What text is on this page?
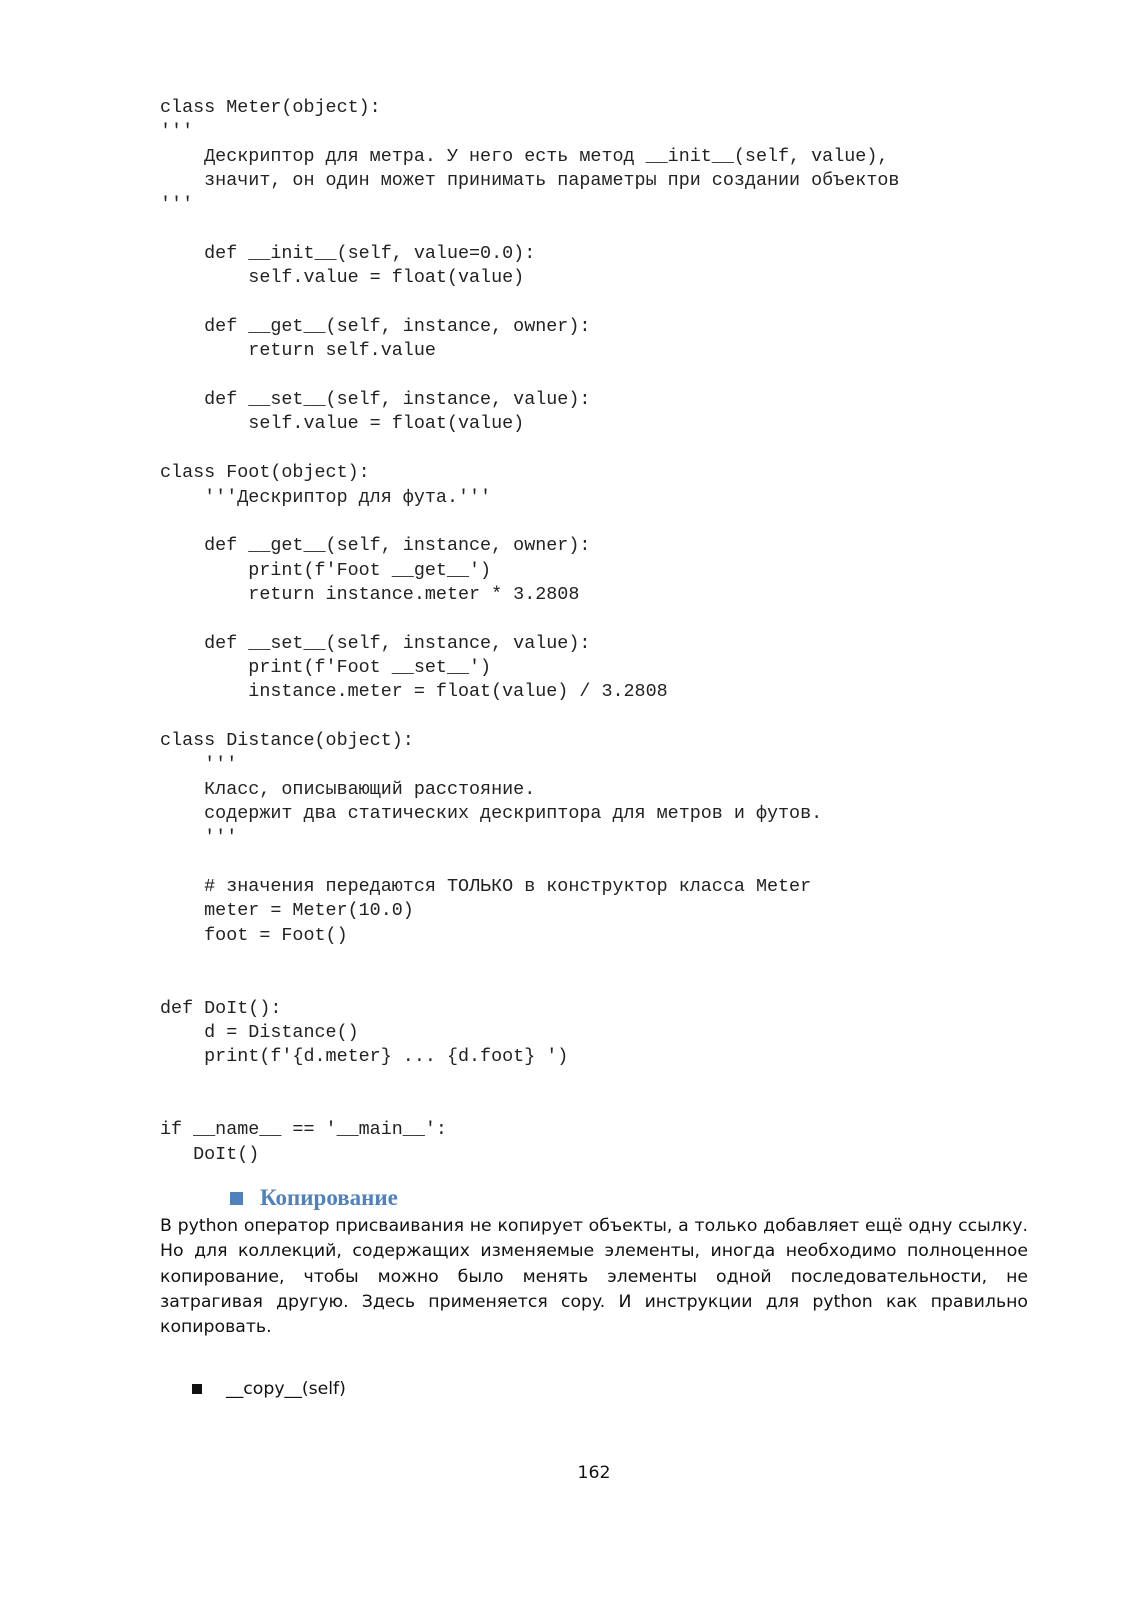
class Meter(object):
'''
Дескриптор для метра. У него есть метод __init__(self, value),
значит, он один может принимать параметры при создании объектов
'''
def __init__(self, value=0.0):
self.value = float(value)
def __get__(self, instance, owner):
return self.value
def __set__(self, instance, value):
self.value = float(value)
class Foot(object):
'''Дескриптор для фута.'''
def __get__(self, instance, owner):
print(f'Foot __get__')
return instance.meter * 3.2808
def __set__(self, instance, value):
print(f'Foot __set__')
instance.meter = float(value) / 3.2808
class Distance(object):
'''
Класс, описывающий расстояние.
содержит два статических дескриптора для метров и футов.
'''
# значения передаются ТОЛЬКО в конструктор класса Meter
meter = Meter(10.0)
foot = Foot()
def DoIt():
d = Distance()
print(f'{d.meter} ... {d.foot} ')
if __name__ == '__main__':
DoIt()
Копирование

В python оператор присваивания не копирует объекты, а только добавляет ещё одну ссылку. Но для коллекций, содержащих изменяемые элементы, иногда необходимо полноценное копирование, чтобы можно было менять элементы одной последовательности, не затрагивая другую. Здесь применяется copy. И инструкции для python как правильно копировать.

__copy__(self)
162
